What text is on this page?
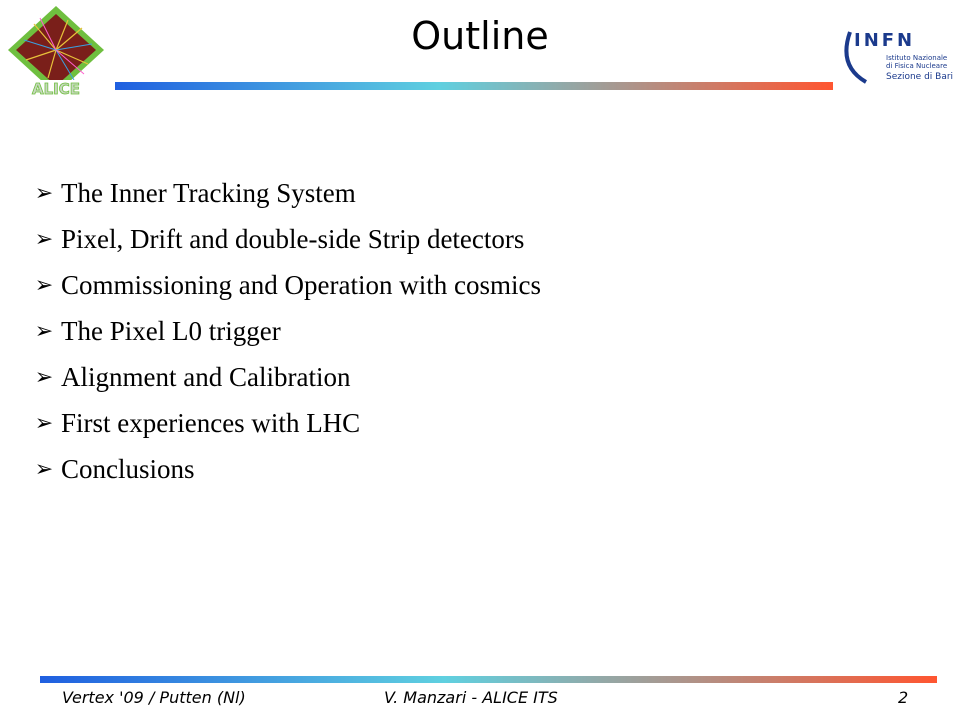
ALICE
Outline	INFN
Istituto Nazionale
di Fisica Nucleare
Sezione di Bari
➢ The Inner Tracking System
➢ Pixel, Drift and double-side Strip detectors
➢ Commissioning and Operation with cosmics
➢ The Pixel L0 trigger
➢ Alignment and Calibration
➢ First experiences with LHC
➢ Conclusions
Vertex '09 / Putten (Nl)	V. Manzari - ALICE ITS	2
